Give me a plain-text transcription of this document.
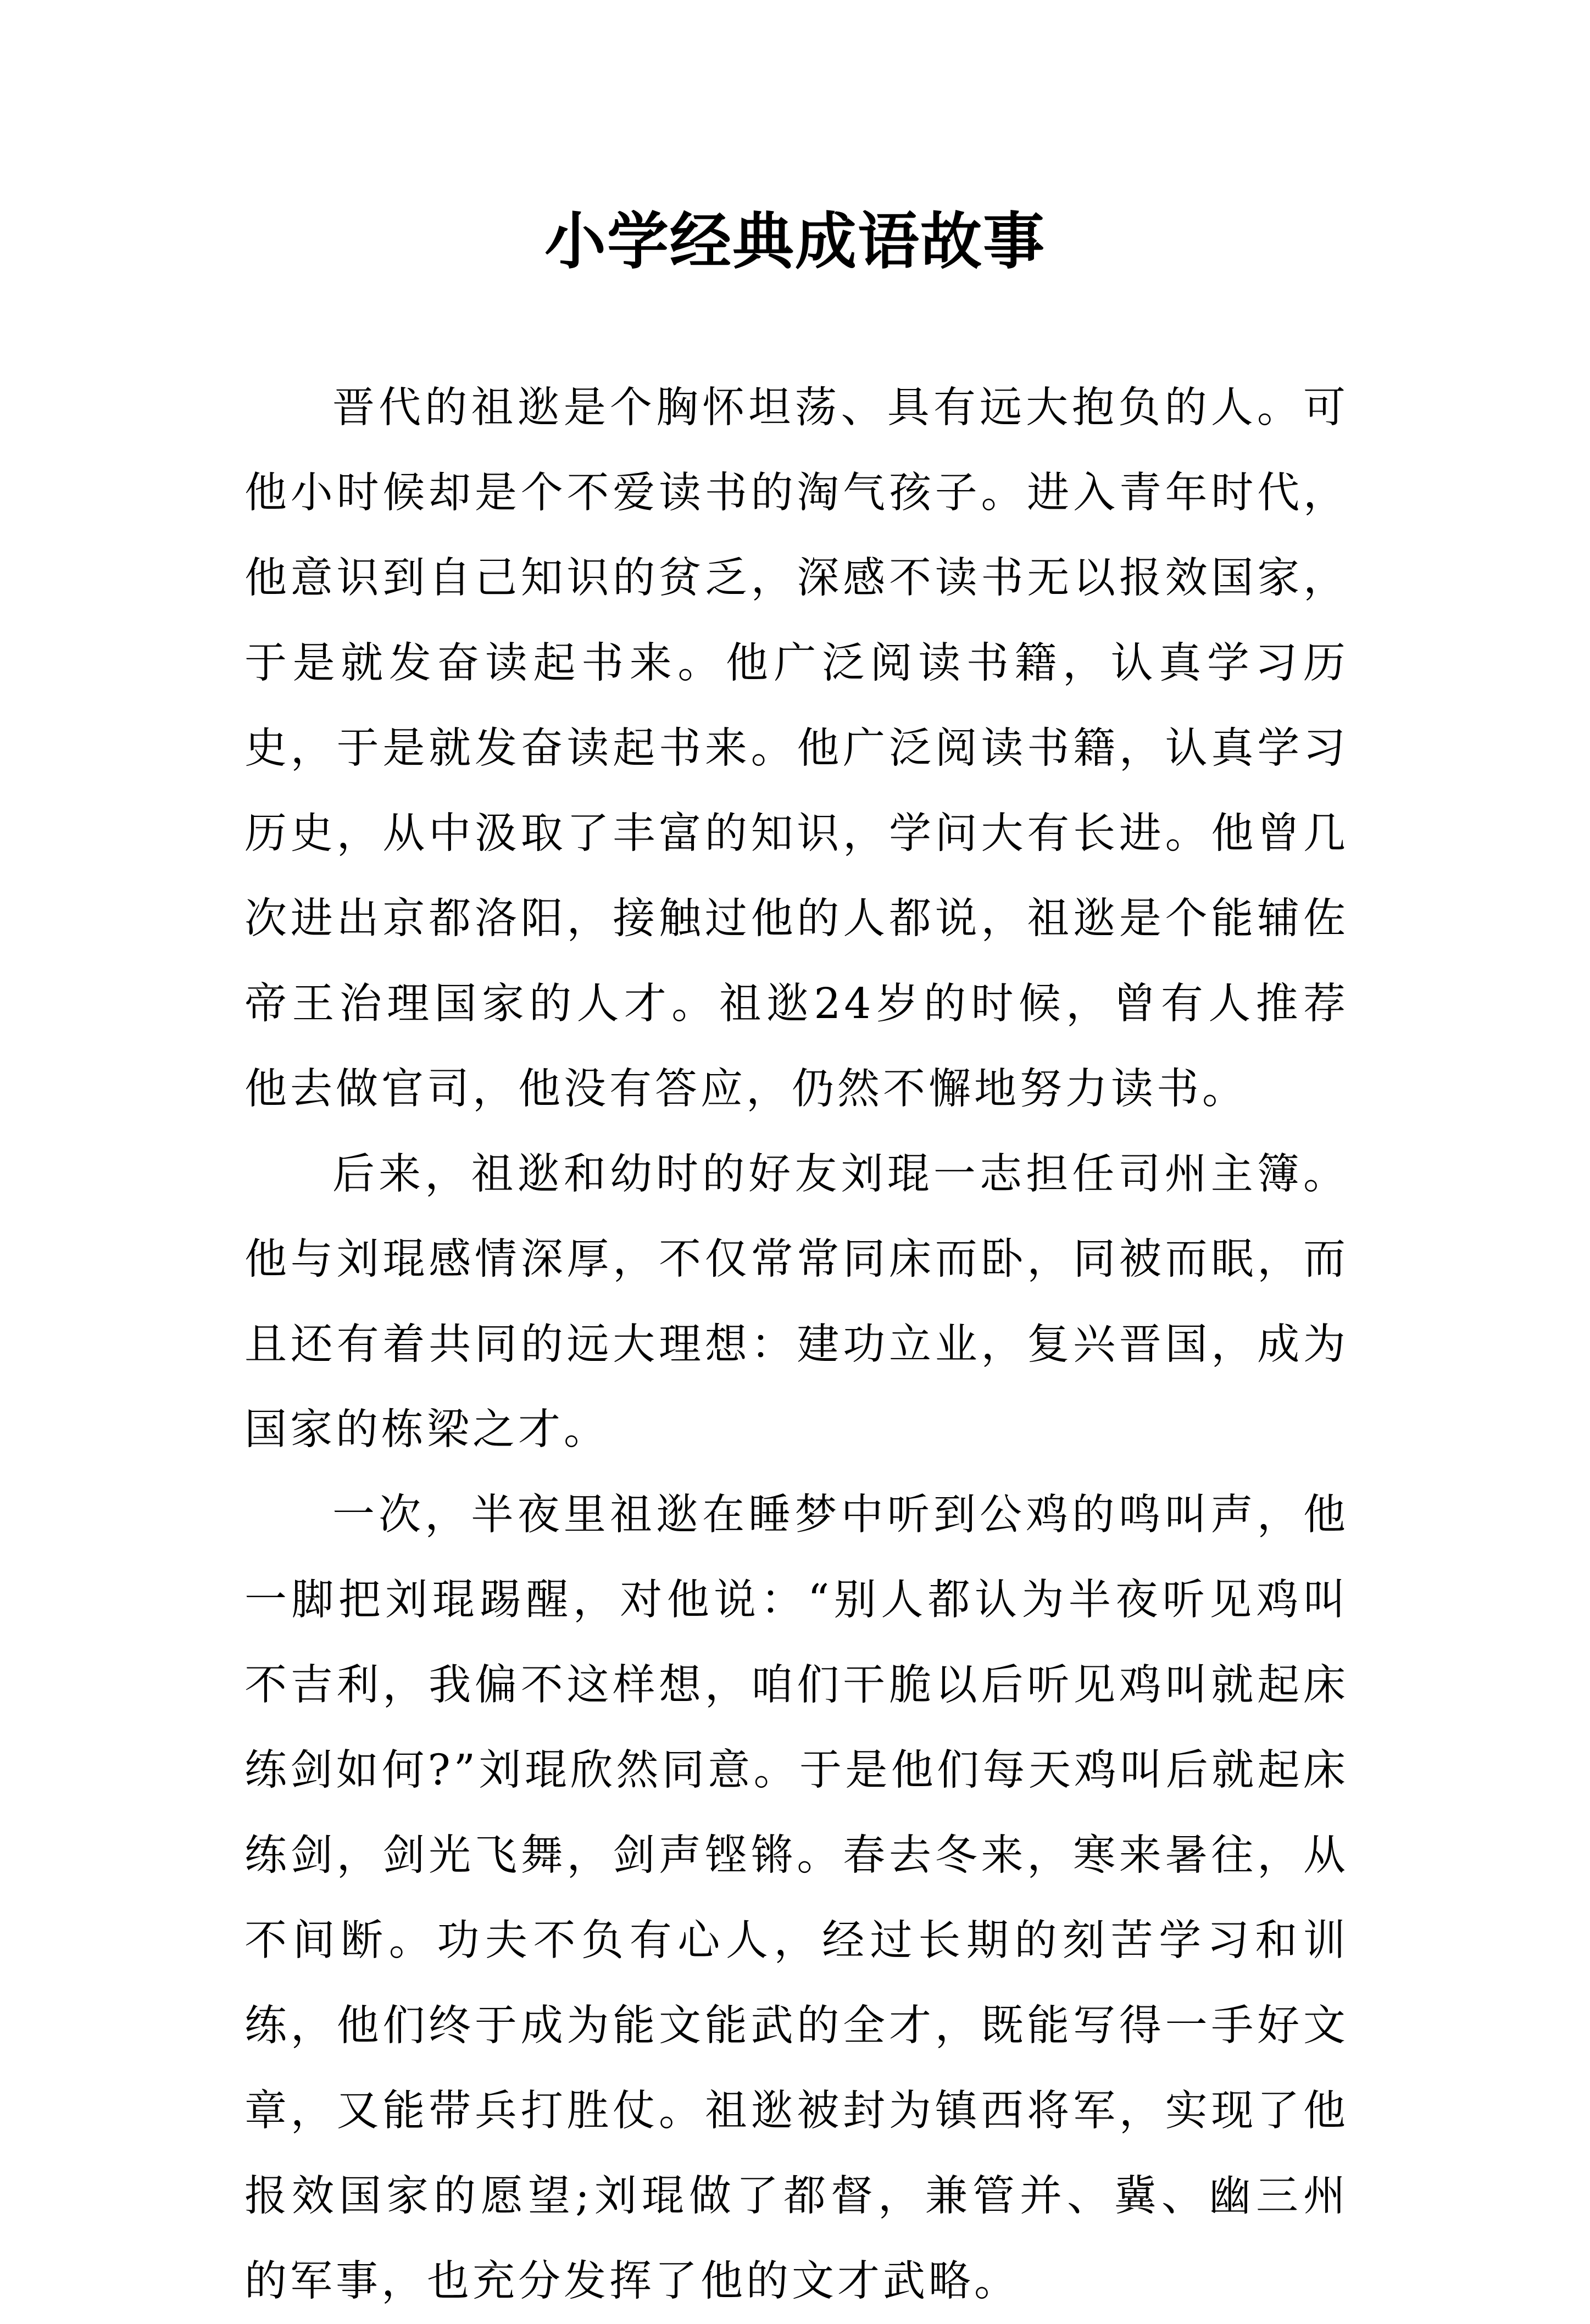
小学经典成语故事

晋代的祖逖是个胸怀坦荡、具有远大抱负的人。可他小时候却是个不爱读书的淘气孩子。进入青年时代，他意识到自己知识的贫乏，深感不读书无以报效国家，于是就发奋读起书来。他广泛阅读书籍，认真学习历史，于是就发奋读起书来。他广泛阅读书籍，认真学习历史，从中汲取了丰富的知识，学问大有长进。他曾几次进出京都洛阳，接触过他的人都说，祖逖是个能辅佐帝王治理国家的人才。祖逖24岁的时候，曾有人推荐他去做官司，他没有答应，仍然不懈地努力读书。

后来，祖逖和幼时的好友刘琨一志担任司州主簿。他与刘琨感情深厚，不仅常常同床而卧，同被而眠，而且还有着共同的远大理想：建功立业，复兴晋国，成为国家的栋梁之才。

一次，半夜里祖逖在睡梦中听到公鸡的鸣叫声，他一脚把刘琨踢醒，对他说：“别人都认为半夜听见鸡叫不吉利，我偏不这样想，咱们干脆以后听见鸡叫就起床练剑如何?”刘琨欣然同意。于是他们每天鸡叫后就起床练剑，剑光飞舞，剑声铿锵。春去冬来，寒来暑往，从不间断。功夫不负有心人，经过长期的刻苦学习和训练，他们终于成为能文能武的全才，既能写得一手好文章，又能带兵打胜仗。祖逖被封为镇西将军，实现了他报效国家的愿望;刘琨做了都督，兼管并、冀、幽三州的军事，也充分发挥了他的文才武略。
